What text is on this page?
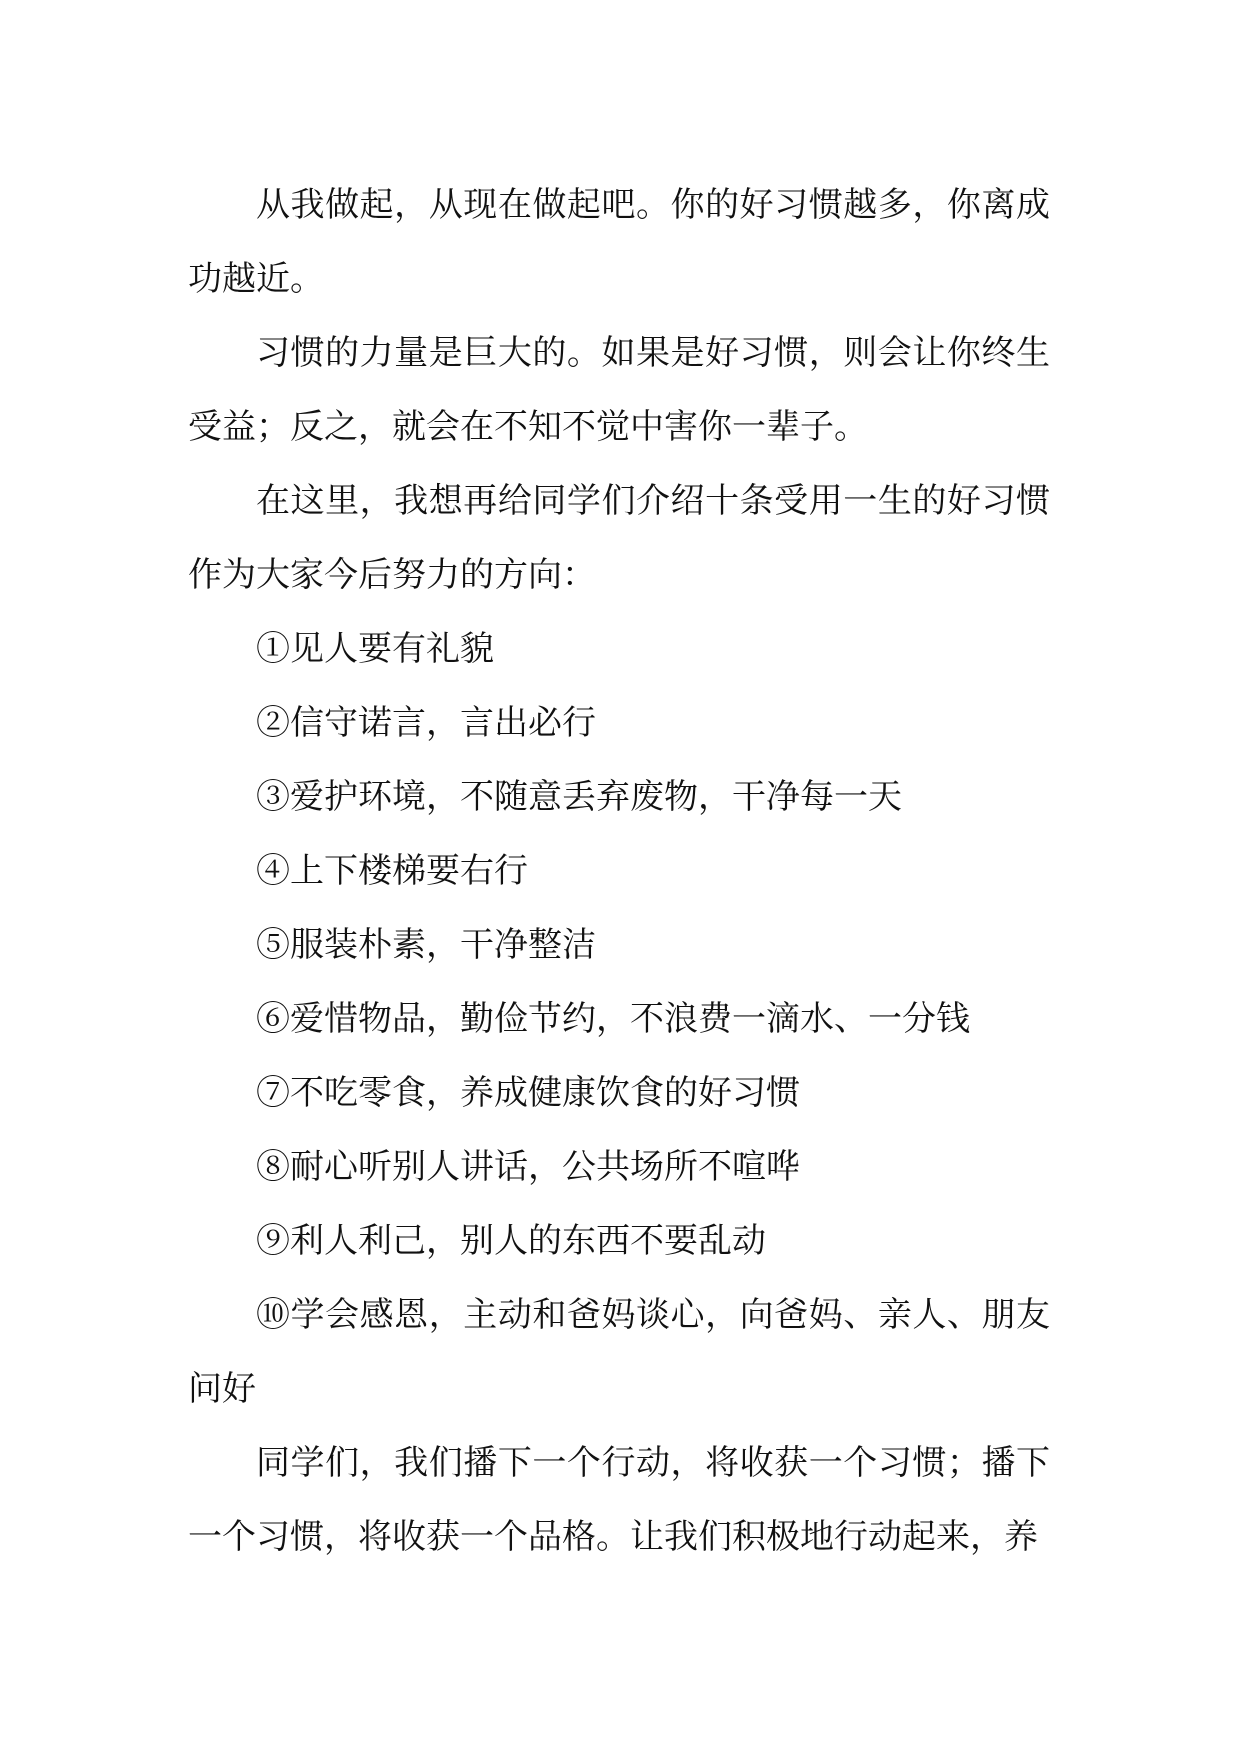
从我做起，从现在做起吧。你的好习惯越多，你离成功越近。

习惯的力量是巨大的。如果是好习惯，则会让你终生受益；反之，就会在不知不觉中害你一辈子。

在这里，我想再给同学们介绍十条受用一生的好习惯作为大家今后努力的方向：

①见人要有礼貌

②信守诺言，言出必行

③爱护环境，不随意丢弃废物，干净每一天

④上下楼梯要右行

⑤服装朴素，干净整洁

⑥爱惜物品，勤俭节约，不浪费一滴水、一分钱

⑦不吃零食，养成健康饮食的好习惯

⑧耐心听别人讲话，公共场所不喧哗

⑨利人利己，别人的东西不要乱动

⑩学会感恩，主动和爸妈谈心，向爸妈、亲人、朋友问好

同学们，我们播下一个行动，将收获一个习惯；播下一个习惯，将收获一个品格。让我们积极地行动起来，养
